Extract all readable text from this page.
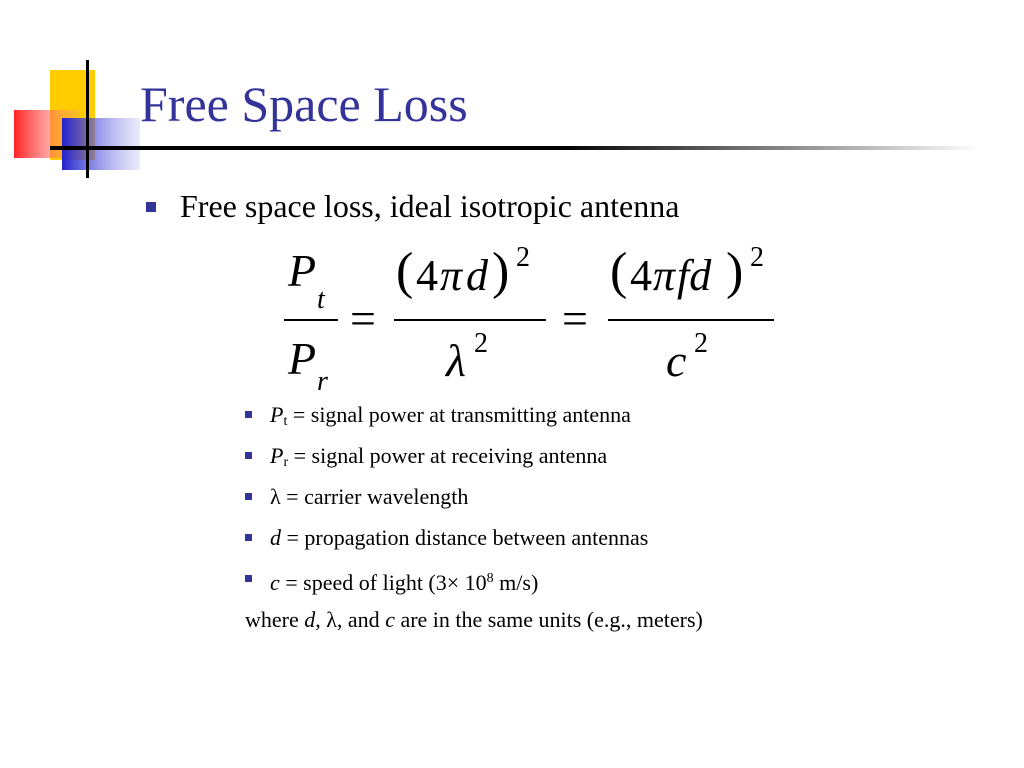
Free Space Loss
Free space loss, ideal isotropic antenna
P
t
P r
=
( 4 π d ) 2
λ 2 =
( 4 π fd ) 2
c 2
$P_t$ = signal power at transmitting antenna
$P_r$ = signal power at receiving antenna
λ = carrier wavelength
d = propagation distance between antennas
c = speed of light ($3\times 10^8$ m/s)
where d, λ, and c are in the same units (e.g., meters)
